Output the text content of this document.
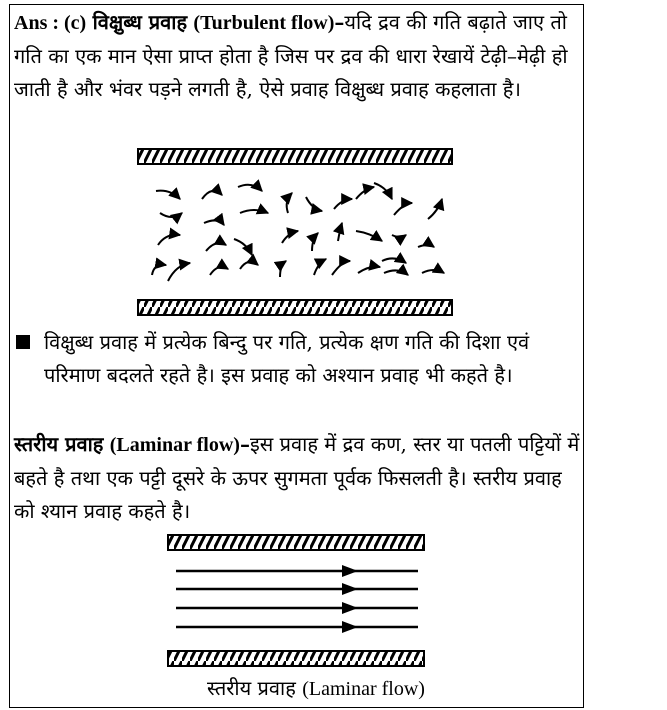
Ans : (c) विक्षुब्ध प्रवाह (Turbulent flow)–यदि द्रव की गति बढ़ाते जाए तो गति का एक मान ऐसा प्राप्त होता है जिस पर द्रव की धारा रेखायें टेढ़ी–मेढ़ी हो जाती है और भंवर पड़ने लगती है, ऐसे प्रवाह विक्षुब्ध प्रवाह कहलाता है।
विक्षुब्ध प्रवाह में प्रत्येक बिन्दु पर गति, प्रत्येक क्षण गति की दिशा एवं परिमाण बदलते रहते है। इस प्रवाह को अश्यान प्रवाह भी कहते है।
स्तरीय प्रवाह (Laminar flow)–इस प्रवाह में द्रव कण, स्तर या पतली पट्टियों में बहते है तथा एक पट्टी दूसरे के ऊपर सुगमता पूर्वक फिसलती है। स्तरीय प्रवाह को श्यान प्रवाह कहते है।
स्तरीय प्रवाह (Laminar flow)
